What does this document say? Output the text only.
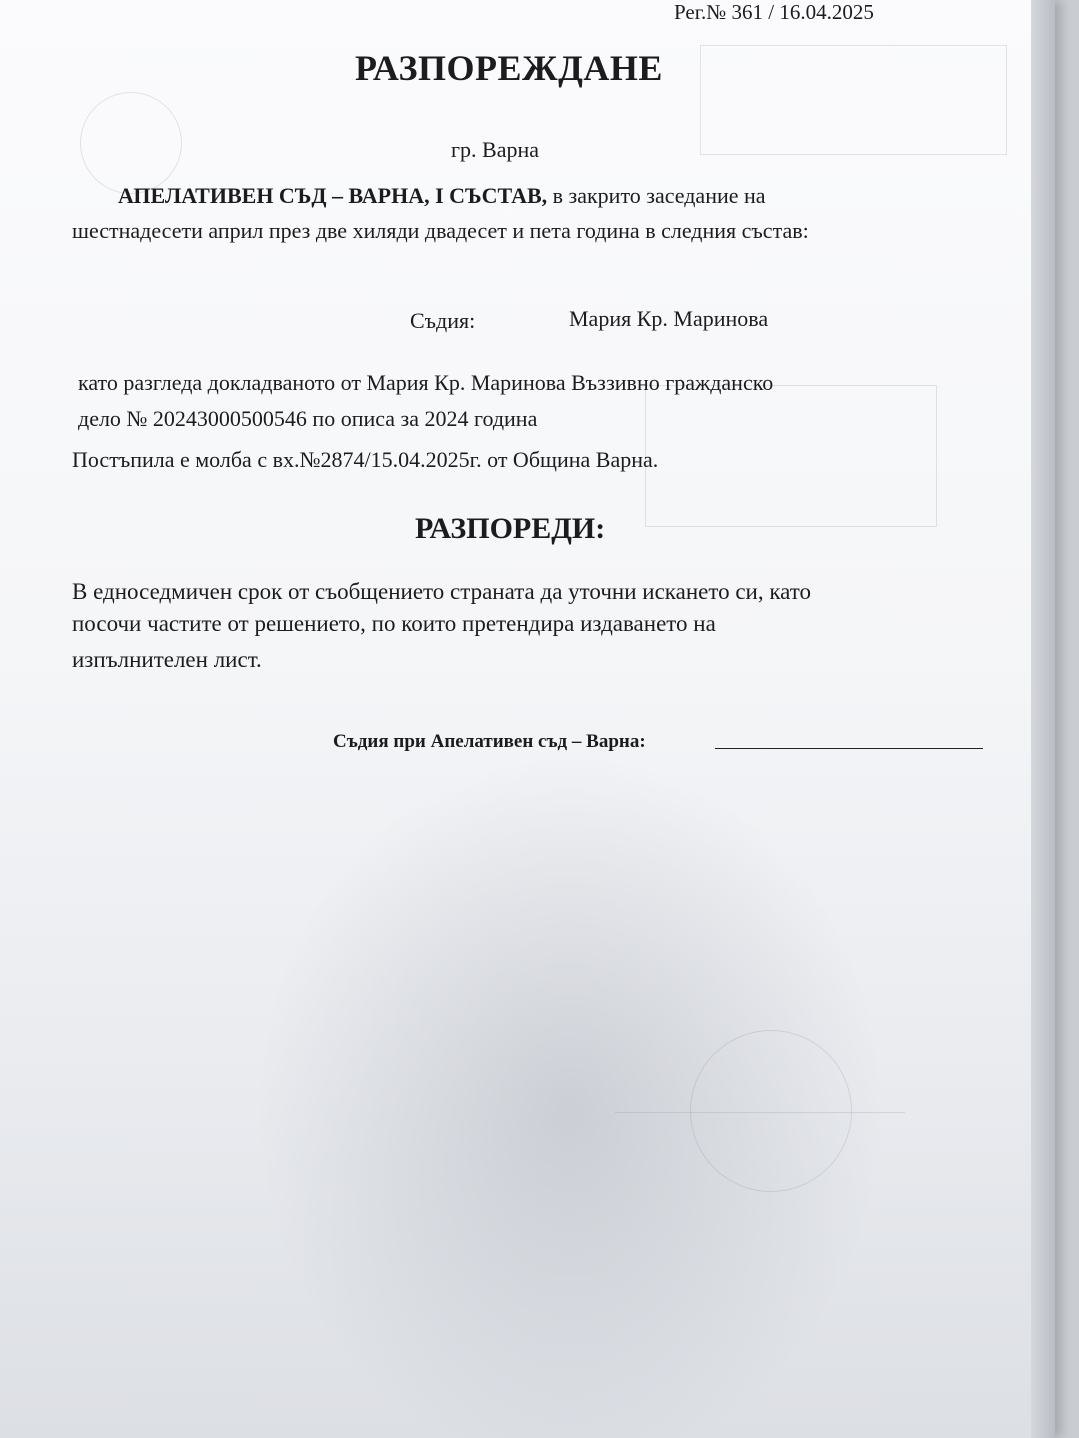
Рег.№ 361 / 16.04.2025
РАЗПОРЕЖДАНЕ
гр. Варна
АПЕЛАТИВЕН СЪД – ВАРНА, I СЪСТАВ, в закрито заседание на
шестнадесети април през две хиляди двадесет и пета година в следния състав:
Съдия:	Мария Кр. Маринова
като разгледа докладваното от Мария Кр. Маринова Въззивно гражданско
дело № 20243000500546 по описа за 2024 година
Постъпила е молба с вх.№2874/15.04.2025г. от Община Варна.
РАЗПОРЕДИ:
В едноседмичен срок от съобщението страната да уточни искането си, като
посочи частите от решението, по които претендира издаването на
изпълнителен лист.
Съдия при Апелативен съд – Варна:
